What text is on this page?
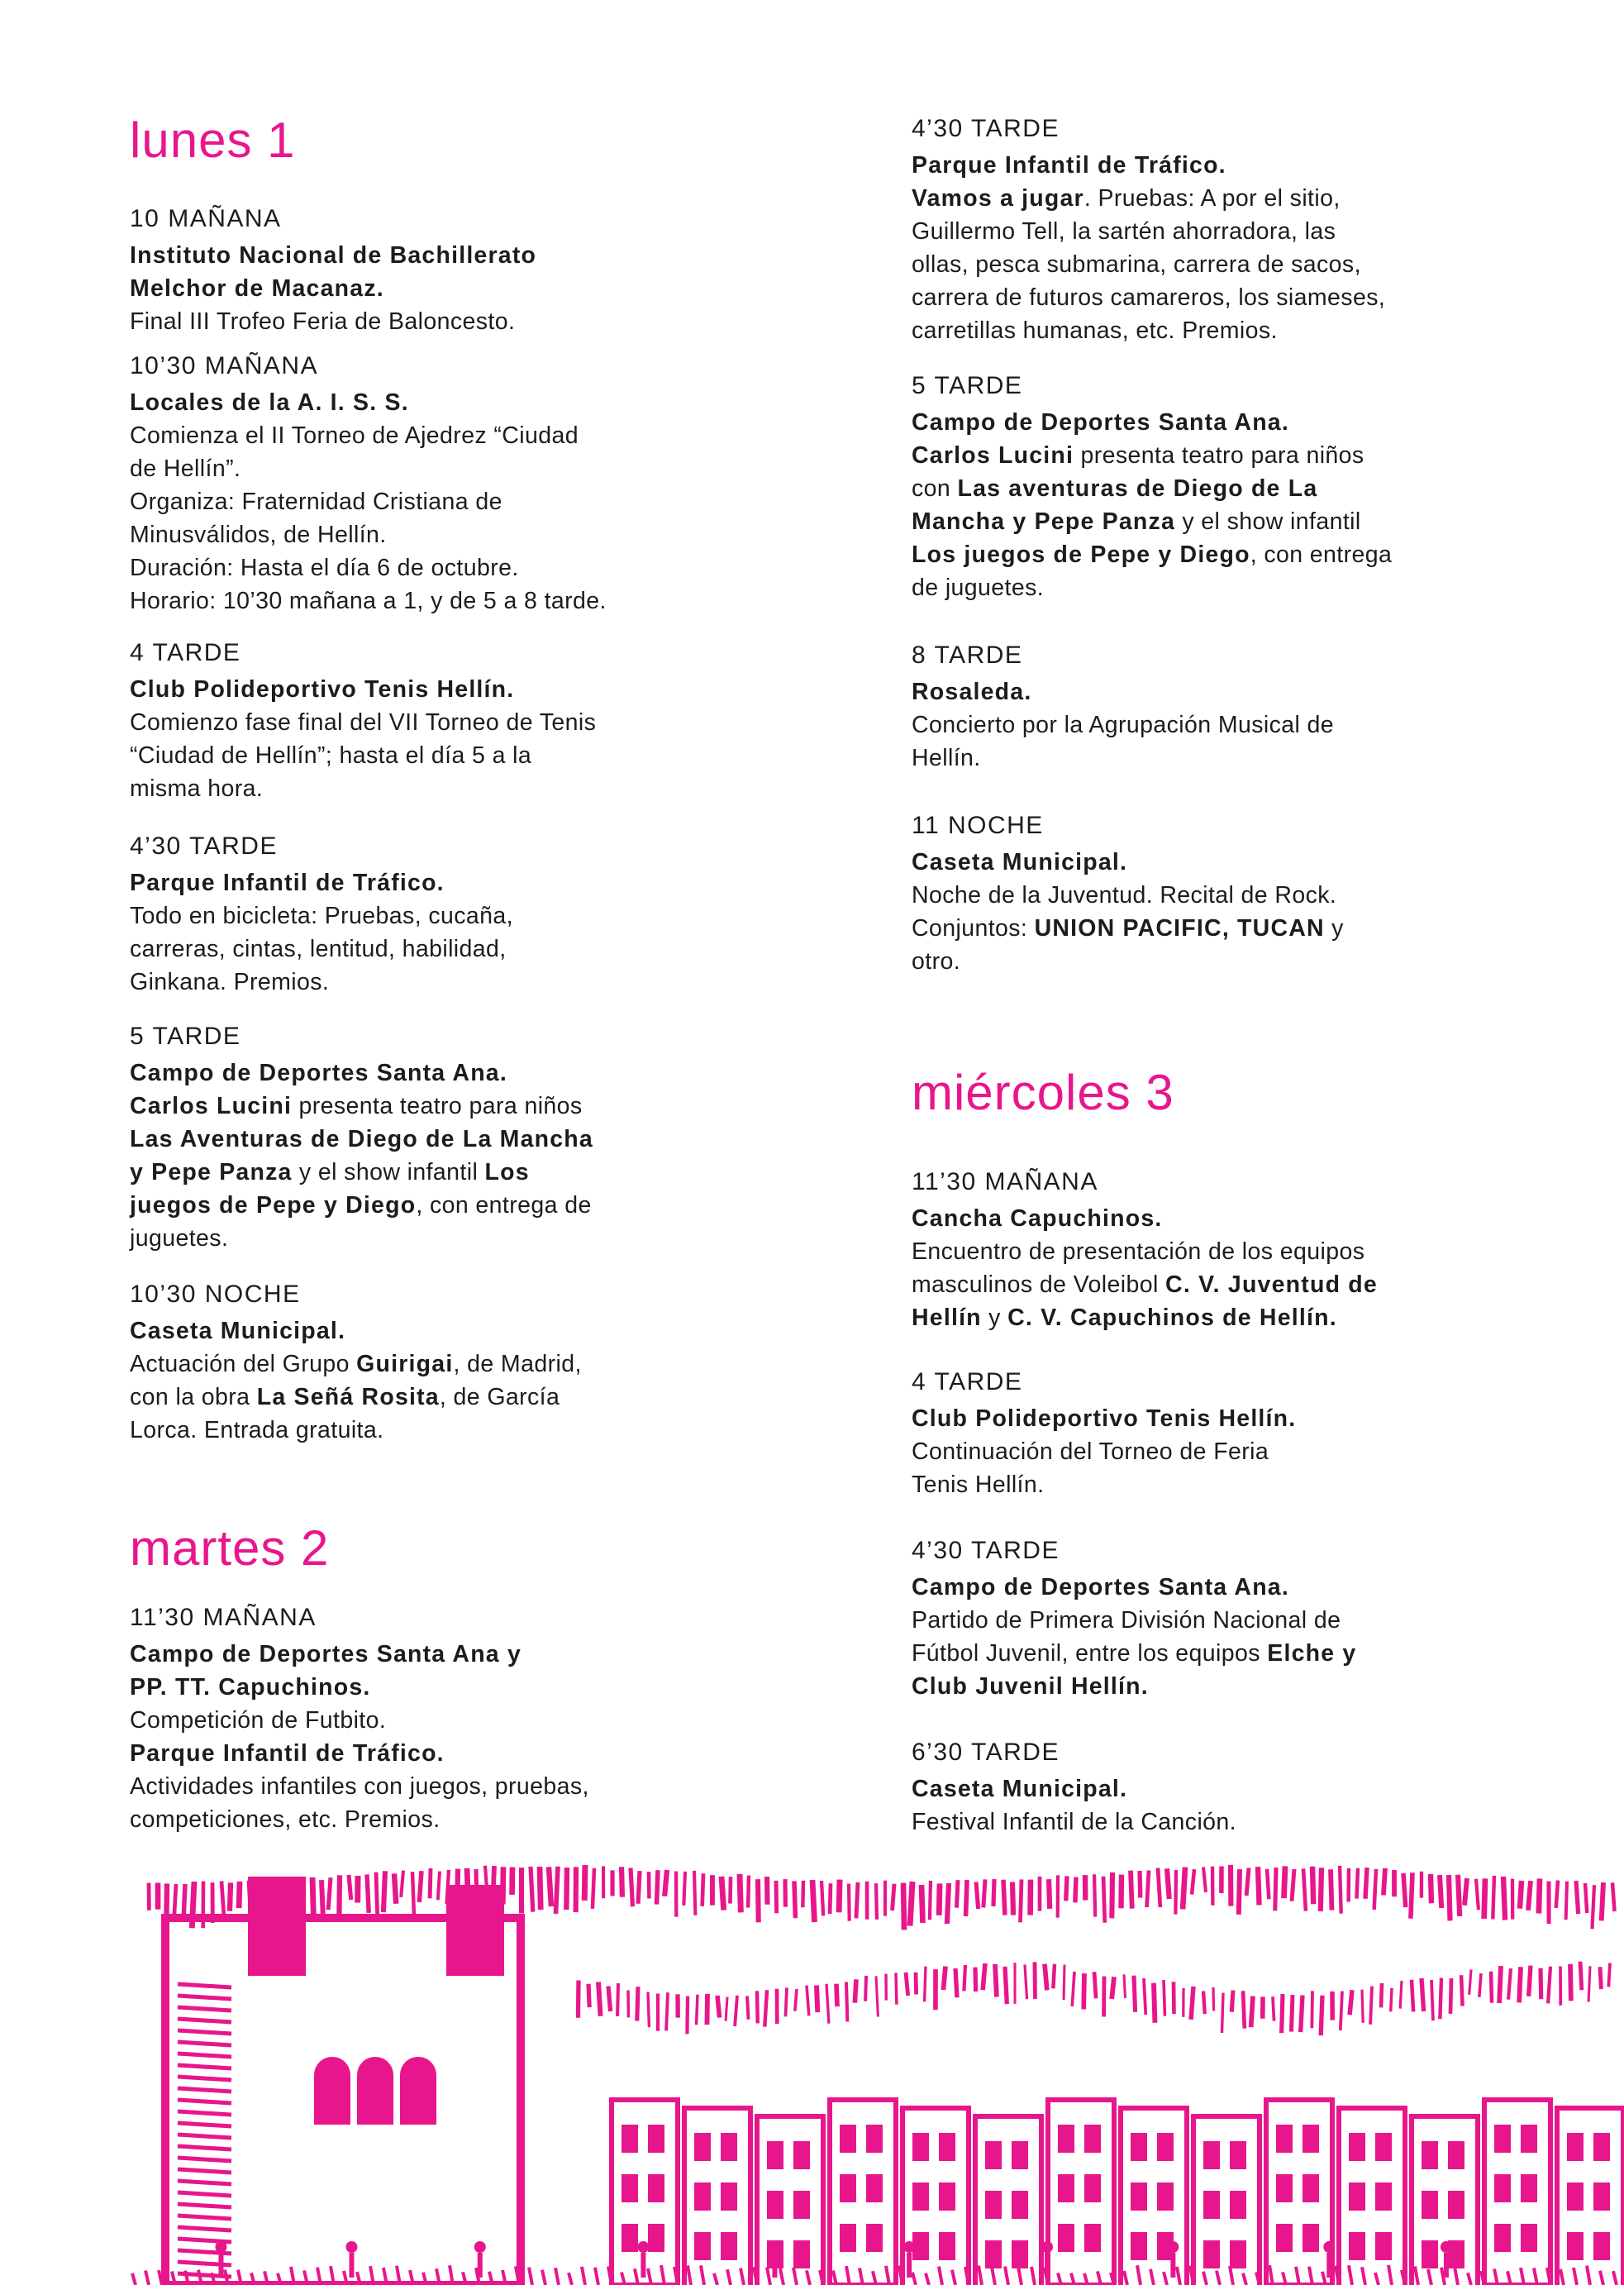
lunes 1

10 MAÑANA

Instituto Nacional de Bachillerato

Melchor de Macanaz.

Final III Trofeo Feria de Baloncesto.

10’30 MAÑANA

Locales de la A. I. S. S.

Comienza el II Torneo de Ajedrez “Ciudad

de Hellín”.

Organiza: Fraternidad Cristiana de

Minusválidos, de Hellín.

Duración: Hasta el día 6 de octubre.

Horario: 10’30 mañana a 1, y de 5 a 8 tarde.

4 TARDE

Club Polideportivo Tenis Hellín.

Comienzo fase final del VII Torneo de Tenis

“Ciudad de Hellín”; hasta el día 5 a la

misma hora.

4’30 TARDE

Parque Infantil de Tráfico.

Todo en bicicleta: Pruebas, cucaña,

carreras, cintas, lentitud, habilidad,

Ginkana. Premios.

5 TARDE

Campo de Deportes Santa Ana.

Carlos Lucini presenta teatro para niños

Las Aventuras de Diego de La Mancha

y Pepe Panza y el show infantil Los

juegos de Pepe y Diego, con entrega de

juguetes.

10’30 NOCHE

Caseta Municipal.

Actuación del Grupo Guirigai, de Madrid,

con la obra La Señá Rosita, de García

Lorca. Entrada gratuita.

martes 2

11’30 MAÑANA

Campo de Deportes Santa Ana y

PP. TT. Capuchinos.

Competición de Futbito.

Parque Infantil de Tráfico.

Actividades infantiles con juegos, pruebas,

competiciones, etc. Premios.

4’30 TARDE

Parque Infantil de Tráfico.

Vamos a jugar. Pruebas: A por el sitio,

Guillermo Tell, la sartén ahorradora, las

ollas, pesca submarina, carrera de sacos,

carrera de futuros camareros, los siameses,

carretillas humanas, etc. Premios.

5 TARDE

Campo de Deportes Santa Ana.

Carlos Lucini presenta teatro para niños

con Las aventuras de Diego de La

Mancha y Pepe Panza y el show infantil

Los juegos de Pepe y Diego, con entrega

de juguetes.

8 TARDE

Rosaleda.

Concierto por la Agrupación Musical de

Hellín.

11 NOCHE

Caseta Municipal.

Noche de la Juventud. Recital de Rock.

Conjuntos: UNION PACIFIC, TUCAN y

otro.

miércoles 3

11’30 MAÑANA

Cancha Capuchinos.

Encuentro de presentación de los equipos

masculinos de Voleibol C. V. Juventud de

Hellín y C. V. Capuchinos de Hellín.

4 TARDE

Club Polideportivo Tenis Hellín.

Continuación del Torneo de Feria

Tenis Hellín.

4’30 TARDE

Campo de Deportes Santa Ana.

Partido de Primera División Nacional de

Fútbol Juvenil, entre los equipos Elche y

Club Juvenil Hellín.

6’30 TARDE

Caseta Municipal.

Festival Infantil de la Canción.
